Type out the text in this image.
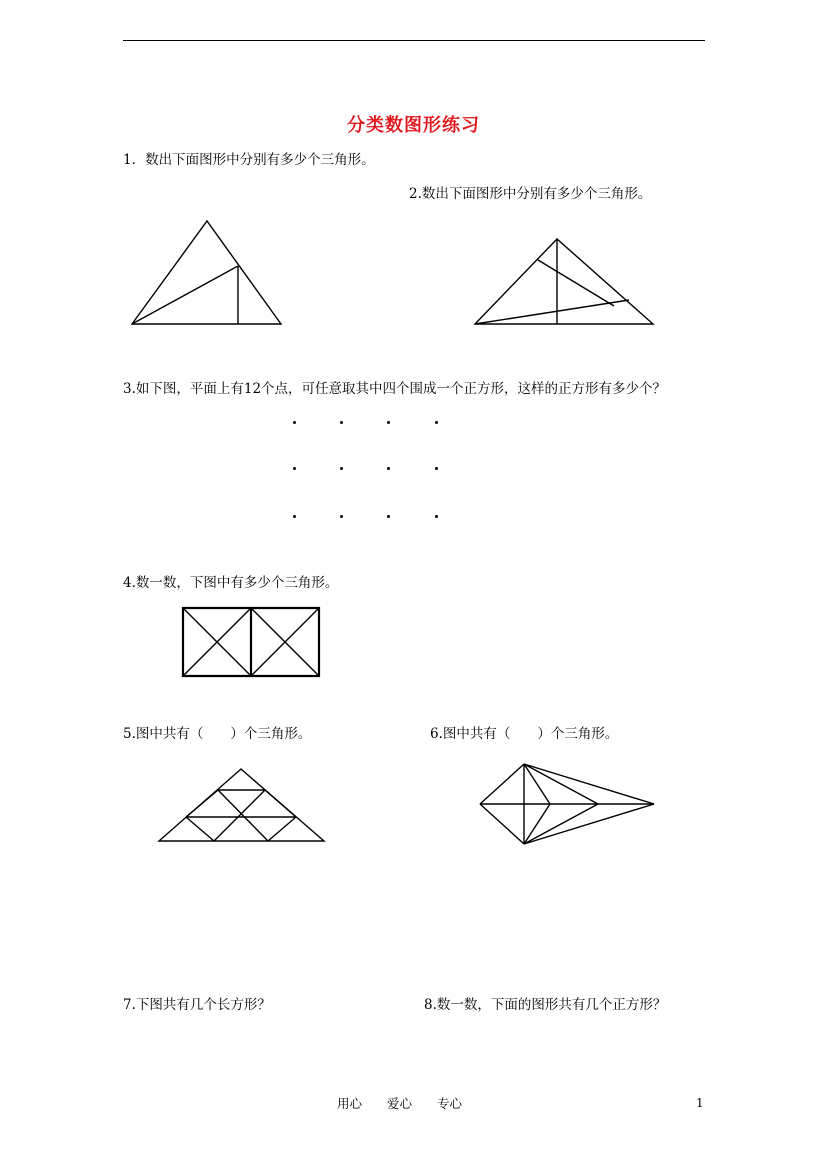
分类数图形练习
1．数出下面图形中分别有多少个三角形。
2.数出下面图形中分别有多少个三角形。
3.如下图，平面上有12个点，可任意取其中四个围成一个正方形，这样的正方形有多少个？
4.数一数，下图中有多少个三角形。
5.图中共有（　　）个三角形。	6.图中共有（　　）个三角形。
7.下图共有几个长方形？	8.数一数，下面的图形共有几个正方形？
用心 爱心 专心	1
